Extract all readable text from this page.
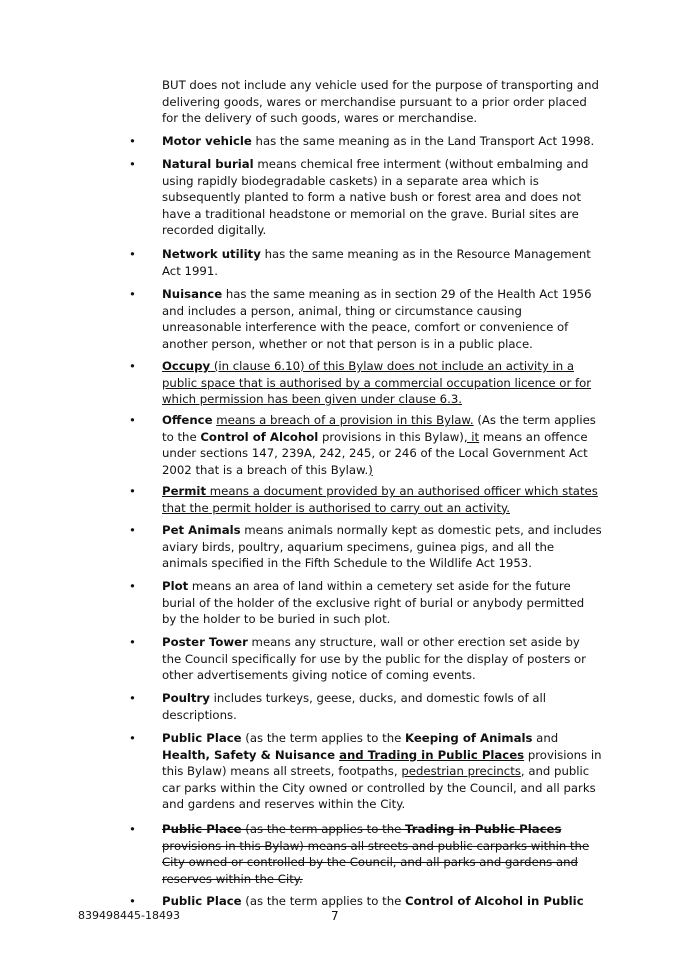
BUT does not include any vehicle used for the purpose of transporting and delivering goods, wares or merchandise pursuant to a prior order placed for the delivery of such goods, wares or merchandise.

• Motor vehicle has the same meaning as in the Land Transport Act 1998.
• Natural burial means chemical free interment (without embalming and using rapidly biodegradable caskets) in a separate area which is subsequently planted to form a native bush or forest area and does not have a traditional headstone or memorial on the grave. Burial sites are recorded digitally.
• Network utility has the same meaning as in the Resource Management Act 1991.
• Nuisance has the same meaning as in section 29 of the Health Act 1956 and includes a person, animal, thing or circumstance causing unreasonable interference with the peace, comfort or convenience of another person, whether or not that person is in a public place.
• Occupy (in clause 6.10) of this Bylaw does not include an activity in a public space that is authorised by a commercial occupation licence or for which permission has been given under clause 6.3.
• Offence means a breach of a provision in this Bylaw. (As the term applies to the Control of Alcohol provisions in this Bylaw), it means an offence under sections 147, 239A, 242, 245, or 246 of the Local Government Act 2002 that is a breach of this Bylaw.)
• Permit means a document provided by an authorised officer which states that the permit holder is authorised to carry out an activity.
• Pet Animals means animals normally kept as domestic pets, and includes aviary birds, poultry, aquarium specimens, guinea pigs, and all the animals specified in the Fifth Schedule to the Wildlife Act 1953.
• Plot means an area of land within a cemetery set aside for the future burial of the holder of the exclusive right of burial or anybody permitted by the holder to be buried in such plot.
• Poster Tower means any structure, wall or other erection set aside by the Council specifically for use by the public for the display of posters or other advertisements giving notice of coming events.
• Poultry includes turkeys, geese, ducks, and domestic fowls of all descriptions.
• Public Place (as the term applies to the Keeping of Animals and Health, Safety & Nuisance and Trading in Public Places provisions in this Bylaw) means all streets, footpaths, pedestrian precincts, and public car parks within the City owned or controlled by the Council, and all parks and gardens and reserves within the City.
• Public Place (as the term applies to the Trading in Public Places provisions in this Bylaw) means all streets and public carparks within the City owned or controlled by the Council, and all parks and gardens and reserves within the City.
• Public Place (as the term applies to the Control of Alcohol in Public
839498445-18493	7
